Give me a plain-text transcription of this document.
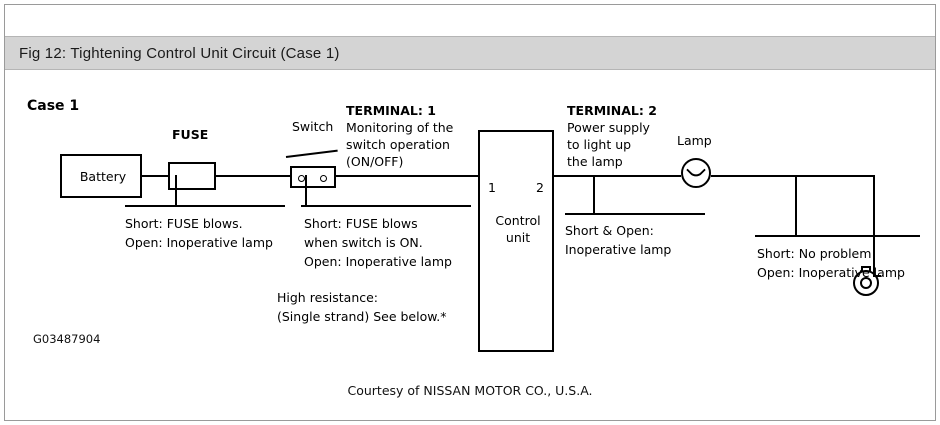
Fig 12: Tightening Control Unit Circuit (Case 1)
Case 1	TERMINAL: 1
Monitoring of the
switch operation
(ON/OFF)
TERMINAL: 2
Power supply
to light up
the lamp
FUSE
Switch
Lamp
Battery
1	2
Control
unit
Short: FUSE blows.
Open: Inoperative lamp
Short: FUSE blows
when switch is ON.
Open: Inoperative lamp
High resistance:
(Single strand) See below.*
Short & Open:
Inoperative lamp	Short: No problem
Open: Inoperative lamp
G03487904
Courtesy of NISSAN MOTOR CO., U.S.A.
